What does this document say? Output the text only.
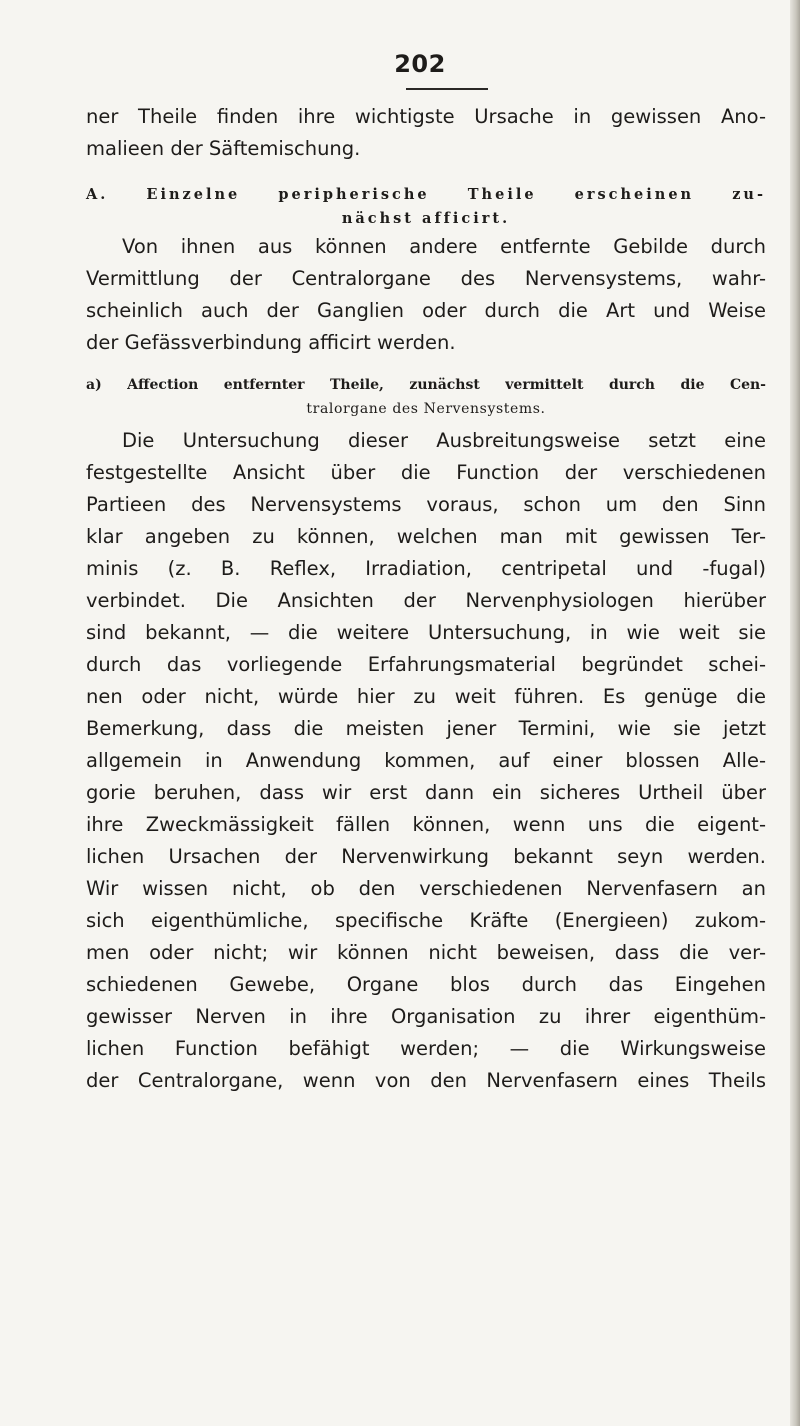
202
ner Theile finden ihre wichtigste Ursache in gewissen Ano-
malieen der Säftemischung.
A. Einzelne peripherische Theile erscheinen zu-
nächst afficirt.
Von ihnen aus können andere entfernte Gebilde durch
Vermittlung der Centralorgane des Nervensystems, wahr-
scheinlich auch der Ganglien oder durch die Art und Weise
der Gefässverbindung afficirt werden.
a) Affection entfernter Theile, zunächst vermittelt durch die Cen-
tralorgane des Nervensystems.
Die Untersuchung dieser Ausbreitungsweise setzt eine
festgestellte Ansicht über die Function der verschiedenen
Partieen des Nervensystems voraus, schon um den Sinn
klar angeben zu können, welchen man mit gewissen Ter-
minis (z. B. Reflex, Irradiation, centripetal und -fugal)
verbindet. Die Ansichten der Nervenphysiologen hierüber
sind bekannt, — die weitere Untersuchung, in wie weit sie
durch das vorliegende Erfahrungsmaterial begründet schei-
nen oder nicht, würde hier zu weit führen. Es genüge die
Bemerkung, dass die meisten jener Termini, wie sie jetzt
allgemein in Anwendung kommen, auf einer blossen Alle-
gorie beruhen, dass wir erst dann ein sicheres Urtheil über
ihre Zweckmässigkeit fällen können, wenn uns die eigent-
lichen Ursachen der Nervenwirkung bekannt seyn werden.
Wir wissen nicht, ob den verschiedenen Nervenfasern an
sich eigenthümliche, specifische Kräfte (Energieen) zukom-
men oder nicht; wir können nicht beweisen, dass die ver-
schiedenen Gewebe, Organe blos durch das Eingehen
gewisser Nerven in ihre Organisation zu ihrer eigenthüm-
lichen Function befähigt werden; — die Wirkungsweise
der Centralorgane, wenn von den Nervenfasern eines Theils
